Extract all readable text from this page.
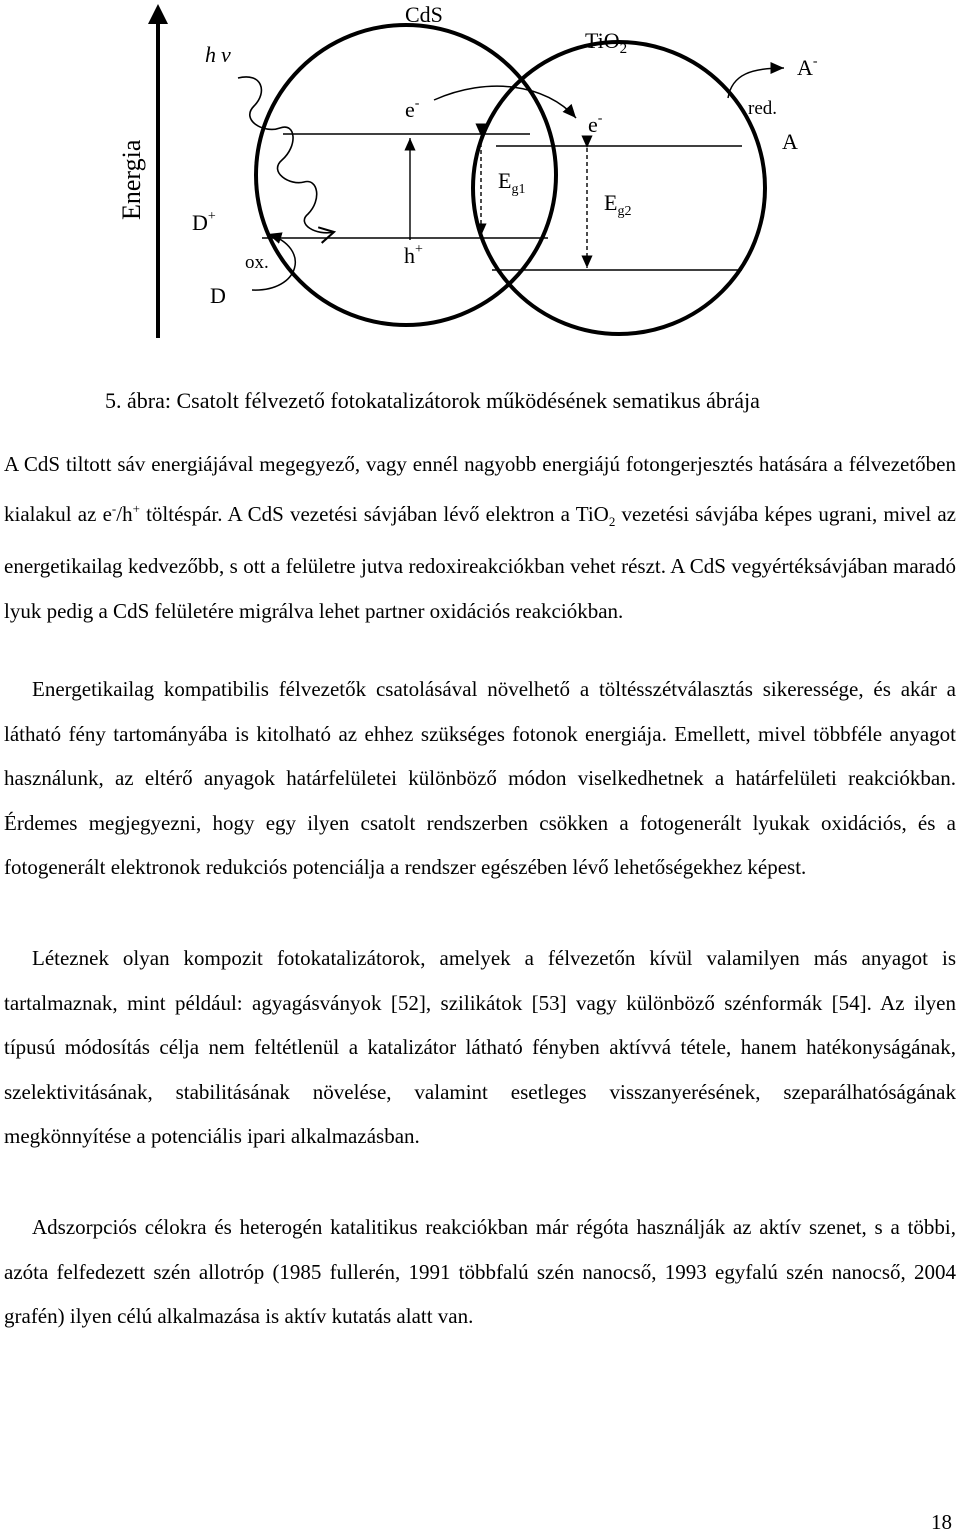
Energia
h ν
CdS
TiO$_2$
e-
e-
$E_{g1}$
$E_{g2}$
h+
D+
ox.
D
A-
red.
A
5. ábra: Csatolt félvezető fotokatalizátorok működésének sematikus ábrája

A CdS tiltott sáv energiájával megegyező, vagy ennél nagyobb energiájú fotongerjesztés hatására a félvezetőben kialakul az e-/h+ töltéspár. A CdS vezetési sávjában lévő elektron a TiO$_2$ vezetési sávjába képes ugrani, mivel az energetikailag kedvezőbb, s ott a felületre jutva redoxireakciókban vehet részt. A CdS vegyértéksávjában maradó lyuk pedig a CdS felületére migrálva lehet partner oxidációs reakciókban.

Energetikailag kompatibilis félvezetők csatolásával növelhető a töltésszétválasztás sikeressége, és akár a látható fény tartományába is kitolható az ehhez szükséges fotonok energiája. Emellett, mivel többféle anyagot használunk, az eltérő anyagok határfelületei különböző módon viselkedhetnek a határfelületi reakciókban. Érdemes megjegyezni, hogy egy ilyen csatolt rendszerben csökken a fotogenerált lyukak oxidációs, és a fotogenerált elektronok redukciós potenciálja a rendszer egészében lévő lehetőségekhez képest.

Léteznek olyan kompozit fotokatalizátorok, amelyek a félvezetőn kívül valamilyen más anyagot is tartalmaznak, mint például: agyagásványok [52], szilikátok [53] vagy különböző szénformák [54]. Az ilyen típusú módosítás célja nem feltétlenül a katalizátor látható fényben aktívvá tétele, hanem hatékonyságának, szelektivitásának, stabilitásának növelése, valamint esetleges visszanyerésének, szeparálhatóságának megkönnyítése a potenciális ipari alkalmazásban.

Adszorpciós célokra és heterogén katalitikus reakciókban már régóta használják az aktív szenet, s a többi, azóta felfedezett szén allotróp (1985 fullerén, 1991 többfalú szén nanocső, 1993 egyfalú szén nanocső, 2004 grafén) ilyen célú alkalmazása is aktív kutatás alatt van.

18
